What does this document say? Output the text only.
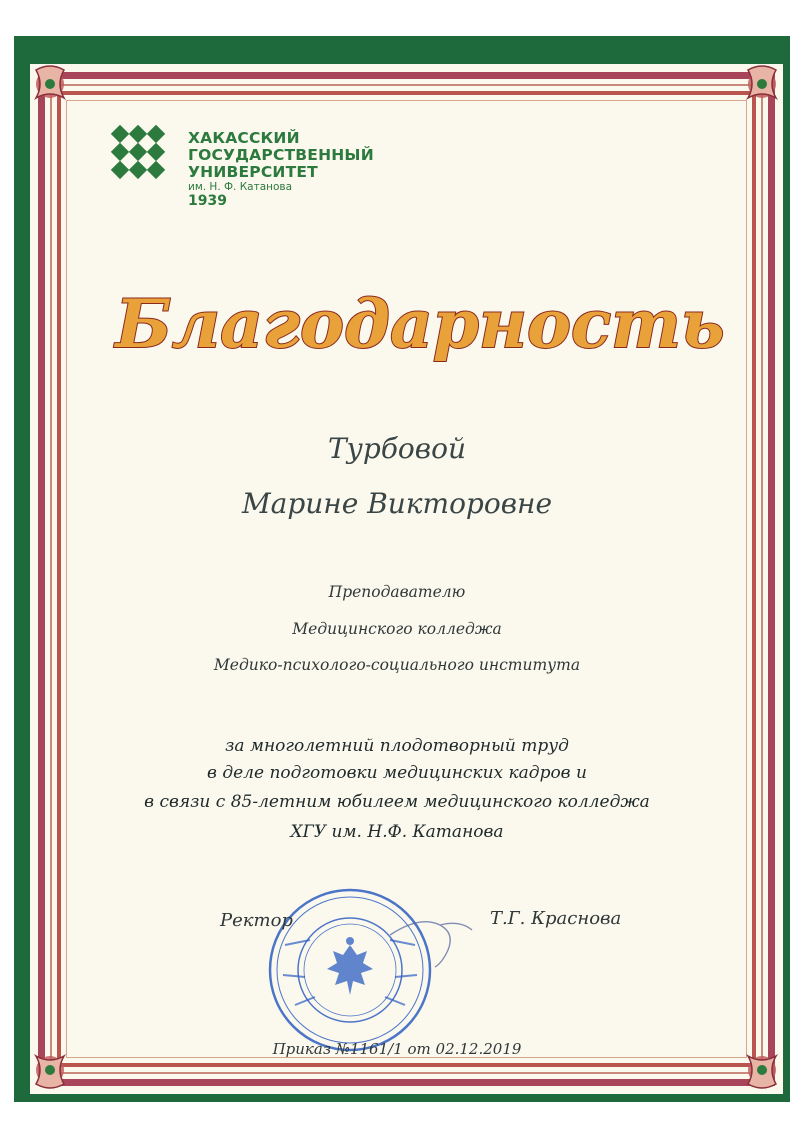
ХАКАССКИЙ
ГОСУДАРСТВЕННЫЙ
УНИВЕРСИТЕТ
им. Н. Ф. Катанова
1939
Благодарность
Турбовой
Марине Викторовне
Преподавателю
Медицинского колледжа
Медико-психолого-социального института
за многолетний плодотворный труд
в деле подготовки медицинских кадров и
в связи с 85-летним юбилеем медицинского колледжа
ХГУ им. Н.Ф. Катанова
Ректор	Т.Г. Краснова
Приказ №1161/1 от 02.12.2019
